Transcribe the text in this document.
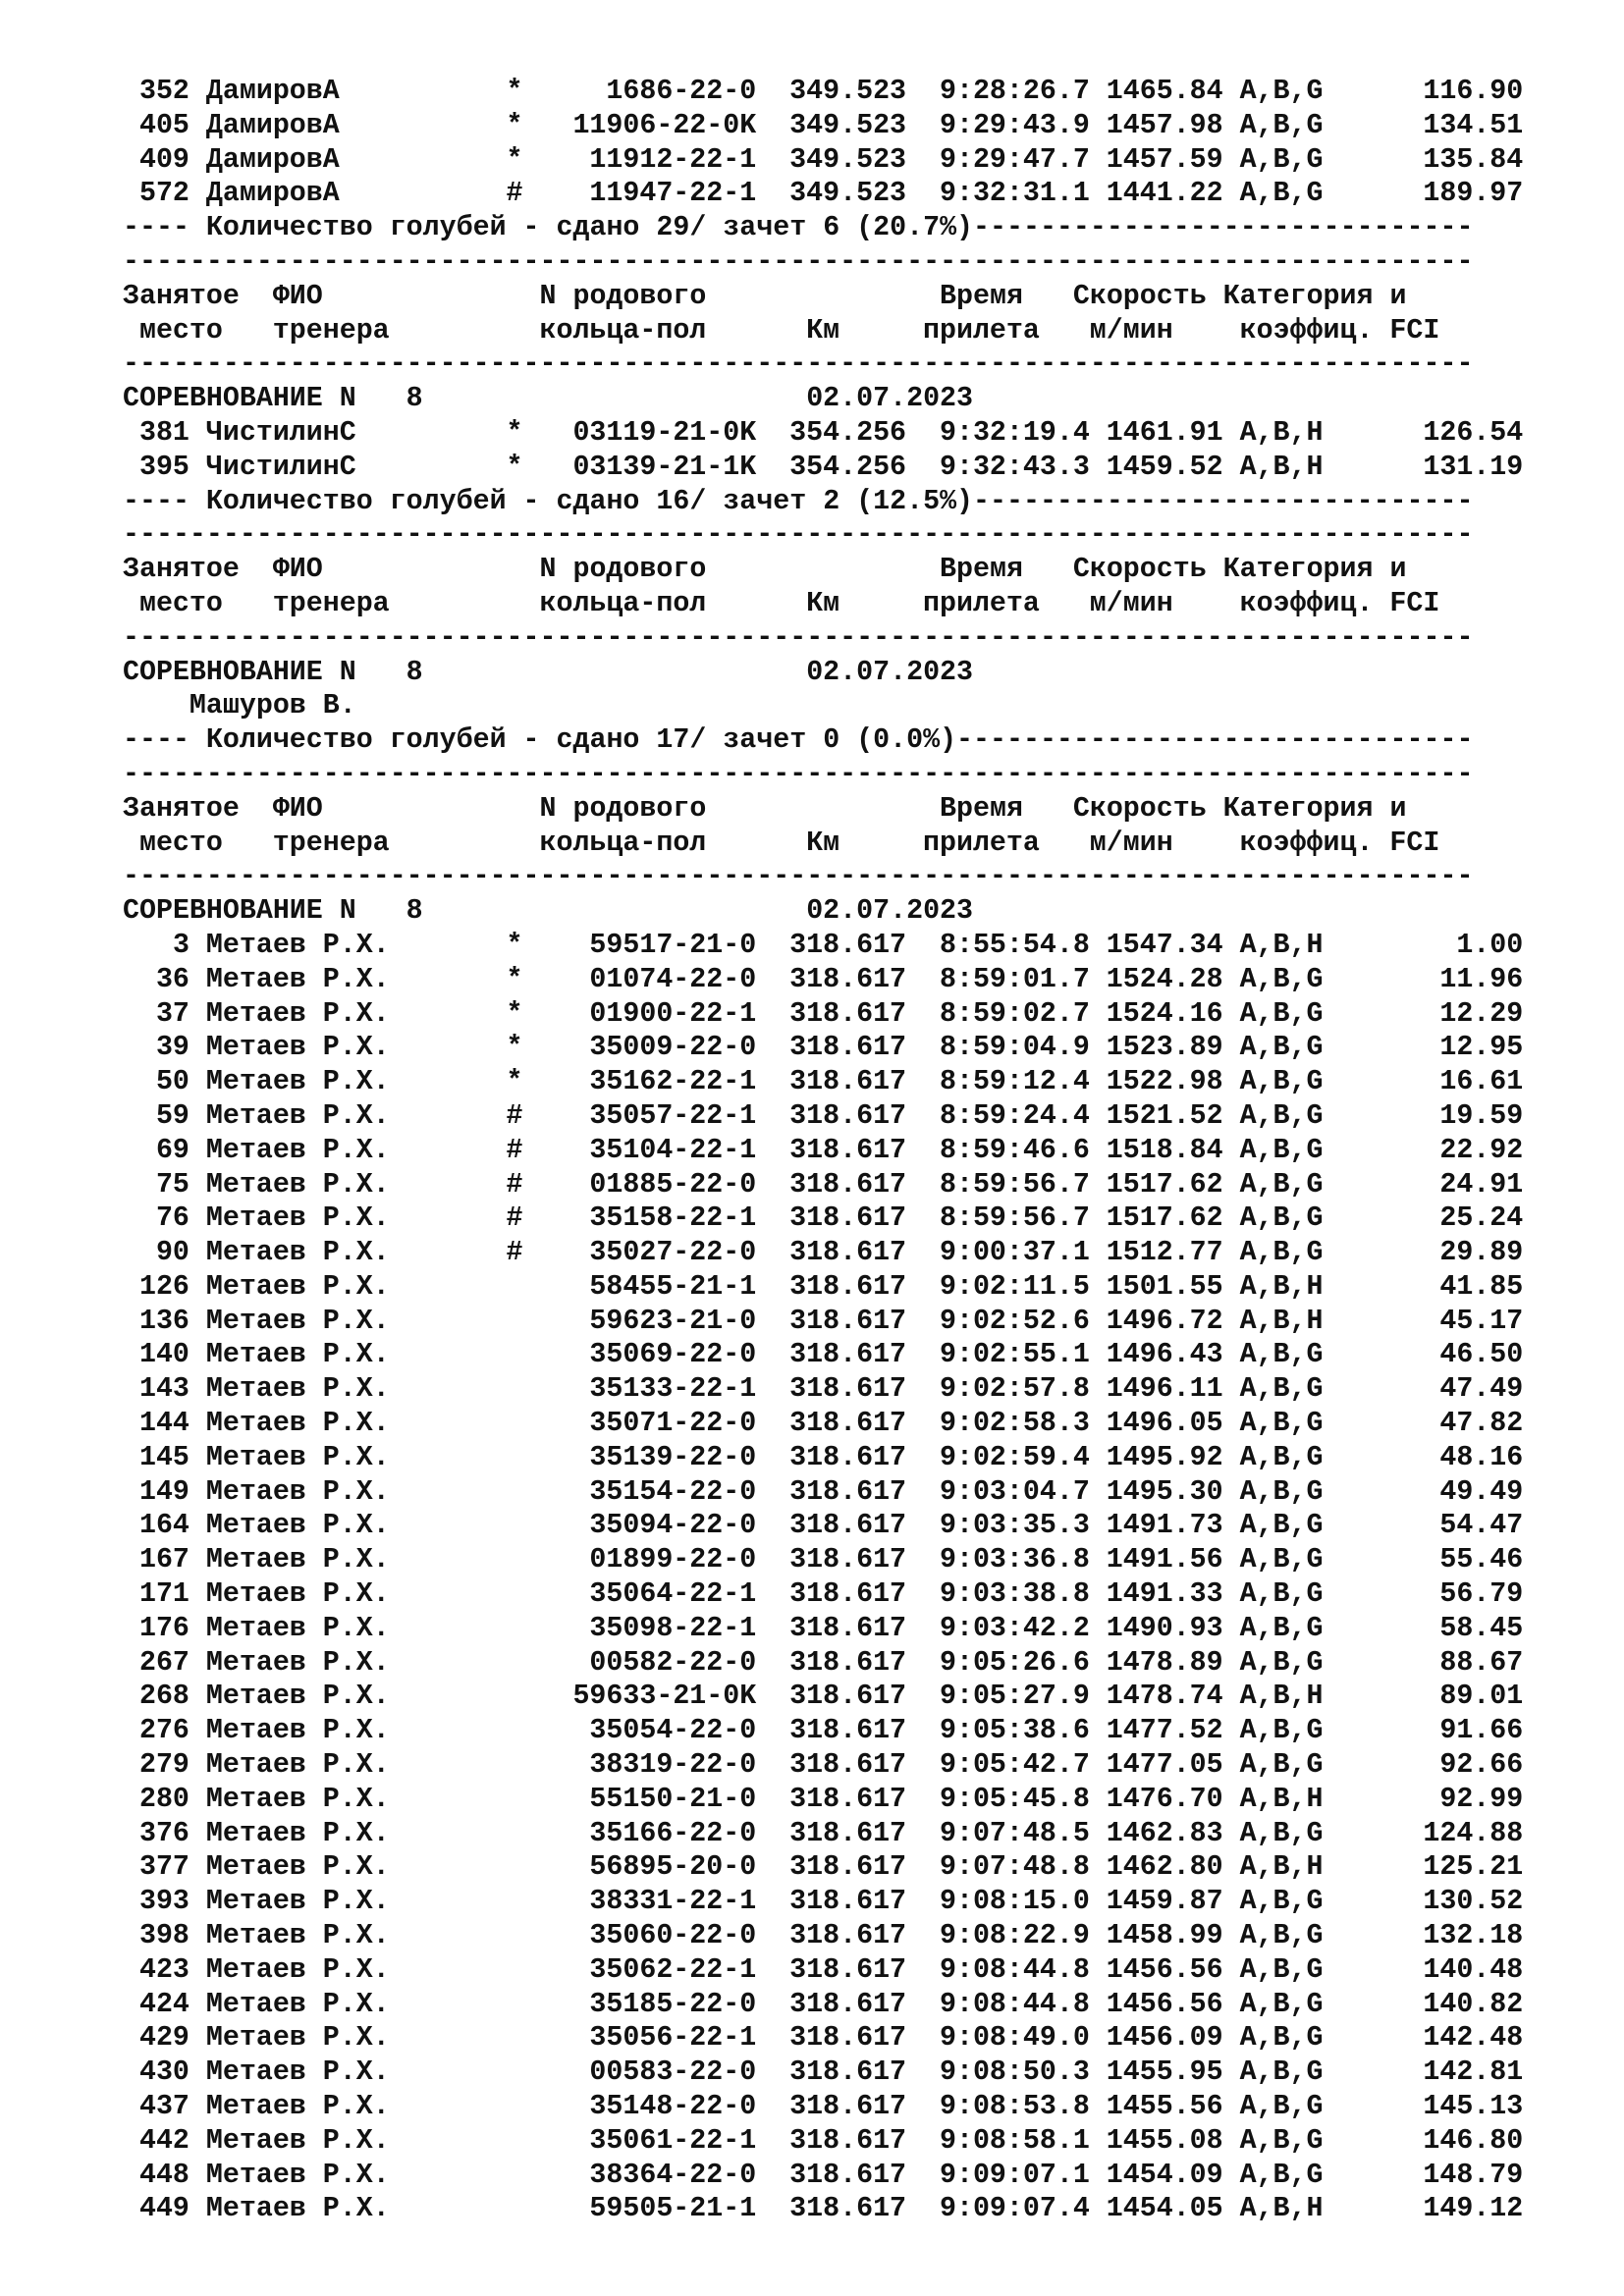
352 ДамировА	*	1686-22-0 349.523 9:28:26.7 1465.84 A,B,G	116.90
405 ДамировА	* 11906-22-0K 349.523 9:29:43.9 1457.98 A,B,G	134.51
409 ДамировА	* 11912-22-1 349.523 9:29:47.7 1457.59 A,B,G	135.84
572 ДамировА	# 11947-22-1 349.523 9:32:31.1 1441.22 A,B,G	189.97
---- Количество голубей - сдано 29/ зачет 6 (20.7%)------------------------------
---------------------------------------------------------------------------------
Занятое ФИО	N родового	Время Скорость Категория и
место тренера	кольца-пол	Км	прилета м/мин коэффиц. FCI
---------------------------------------------------------------------------------
СОРЕВНОВАНИЕ N   8	02.07.2023
381 ЧистилинС	* 03119-21-0K 354.256 9:32:19.4 1461.91 A,B,H	126.54
395 ЧистилинС	* 03139-21-1K 354.256 9:32:43.3 1459.52 A,B,H	131.19
---- Количество голубей - сдано 16/ зачет 2 (12.5%)------------------------------
---------------------------------------------------------------------------------
Занятое ФИО	N родового	Время Скорость Категория и
место тренера	кольца-пол	Км	прилета м/мин коэффиц. FCI
---------------------------------------------------------------------------------
СОРЕВНОВАНИЕ N   8	02.07.2023
Машуров В.
---- Количество голубей - сдано 17/ зачет 0 (0.0%)-------------------------------
---------------------------------------------------------------------------------
Занятое ФИО	N родового	Время Скорость Категория и
место тренера	кольца-пол	Км	прилета м/мин коэффиц. FCI
---------------------------------------------------------------------------------
СОРЕВНОВАНИЕ N   8	02.07.2023
3 Метаев Р.Х.	* 59517-21-0 318.617 8:55:54.8 1547.34 A,B,H	1.00
36 Метаев Р.Х.	* 01074-22-0 318.617 8:59:01.7 1524.28 A,B,G	11.96
37 Метаев Р.Х.	* 01900-22-1 318.617 8:59:02.7 1524.16 A,B,G	12.29
39 Метаев Р.Х.	* 35009-22-0 318.617 8:59:04.9 1523.89 A,B,G	12.95
50 Метаев Р.Х.	* 35162-22-1 318.617 8:59:12.4 1522.98 A,B,G	16.61
59 Метаев Р.Х.	# 35057-22-1 318.617 8:59:24.4 1521.52 A,B,G	19.59
69 Метаев Р.Х.	# 35104-22-1 318.617 8:59:46.6 1518.84 A,B,G	22.92
75 Метаев Р.Х.	# 01885-22-0 318.617 8:59:56.7 1517.62 A,B,G	24.91
76 Метаев Р.Х.	# 35158-22-1 318.617 8:59:56.7 1517.62 A,B,G	25.24
90 Метаев Р.Х.	# 35027-22-0 318.617 9:00:37.1 1512.77 A,B,G	29.89
126 Метаев Р.Х.	58455-21-1 318.617 9:02:11.5 1501.55 A,B,H	41.85
136 Метаев Р.Х.	59623-21-0 318.617 9:02:52.6 1496.72 A,B,H	45.17
140 Метаев Р.Х.	35069-22-0 318.617 9:02:55.1 1496.43 A,B,G	46.50
143 Метаев Р.Х.	35133-22-1 318.617 9:02:57.8 1496.11 A,B,G	47.49
144 Метаев Р.Х.	35071-22-0 318.617 9:02:58.3 1496.05 A,B,G	47.82
145 Метаев Р.Х.	35139-22-0 318.617 9:02:59.4 1495.92 A,B,G	48.16
149 Метаев Р.Х.	35154-22-0 318.617 9:03:04.7 1495.30 A,B,G	49.49
164 Метаев Р.Х.	35094-22-0 318.617 9:03:35.3 1491.73 A,B,G	54.47
167 Метаев Р.Х.	01899-22-0 318.617 9:03:36.8 1491.56 A,B,G	55.46
171 Метаев Р.Х.	35064-22-1 318.617 9:03:38.8 1491.33 A,B,G	56.79
176 Метаев Р.Х.	35098-22-1 318.617 9:03:42.2 1490.93 A,B,G	58.45
267 Метаев Р.Х.	00582-22-0 318.617 9:05:26.6 1478.89 A,B,G	88.67
268 Метаев Р.Х.	59633-21-0K 318.617 9:05:27.9 1478.74 A,B,H	89.01
276 Метаев Р.Х.	35054-22-0 318.617 9:05:38.6 1477.52 A,B,G	91.66
279 Метаев Р.Х.	38319-22-0 318.617 9:05:42.7 1477.05 A,B,G	92.66
280 Метаев Р.Х.	55150-21-0 318.617 9:05:45.8 1476.70 A,B,H	92.99
376 Метаев Р.Х.	35166-22-0 318.617 9:07:48.5 1462.83 A,B,G	124.88
377 Метаев Р.Х.	56895-20-0 318.617 9:07:48.8 1462.80 A,B,H	125.21
393 Метаев Р.Х.	38331-22-1 318.617 9:08:15.0 1459.87 A,B,G	130.52
398 Метаев Р.Х.	35060-22-0 318.617 9:08:22.9 1458.99 A,B,G	132.18
423 Метаев Р.Х.	35062-22-1 318.617 9:08:44.8 1456.56 A,B,G	140.48
424 Метаев Р.Х.	35185-22-0 318.617 9:08:44.8 1456.56 A,B,G	140.82
429 Метаев Р.Х.	35056-22-1 318.617 9:08:49.0 1456.09 A,B,G	142.48
430 Метаев Р.Х.	00583-22-0 318.617 9:08:50.3 1455.95 A,B,G	142.81
437 Метаев Р.Х.	35148-22-0 318.617 9:08:53.8 1455.56 A,B,G	145.13
442 Метаев Р.Х.	35061-22-1 318.617 9:08:58.1 1455.08 A,B,G	146.80
448 Метаев Р.Х.	38364-22-0 318.617 9:09:07.1 1454.09 A,B,G	148.79
449 Метаев Р.Х.	59505-21-1 318.617 9:09:07.4 1454.05 A,B,H	149.12
